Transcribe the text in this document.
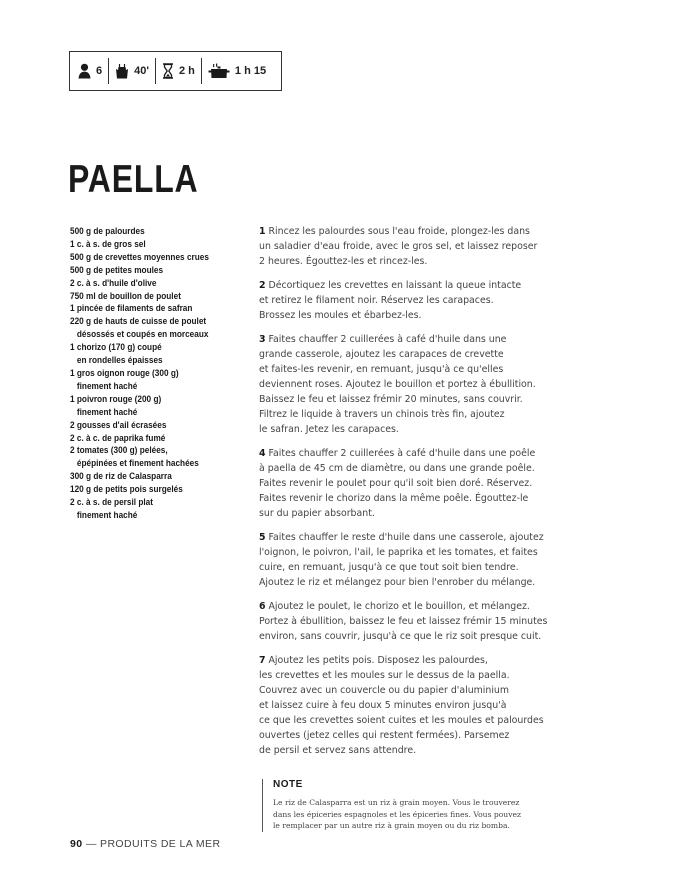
6	40'	2 h	1 h 15
PAELLA
500 g de palourdes
1 c. à s. de gros sel
500 g de crevettes moyennes crues
500 g de petites moules
2 c. à s. d'huile d'olive
750 ml de bouillon de poulet
1 pincée de filaments de safran
220 g de hauts de cuisse de poulet
désossés et coupés en morceaux
1 chorizo (170 g) coupé
en rondelles épaisses
1 gros oignon rouge (300 g)
finement haché
1 poivron rouge (200 g)
finement haché
2 gousses d'ail écrasées
2 c. à c. de paprika fumé
2 tomates (300 g) pelées,
épépinées et finement hachées
300 g de riz de Calasparra
120 g de petits pois surgelés
2 c. à s. de persil plat
finement haché

1 Rincez les palourdes sous l'eau froide, plongez-les dans
un saladier d'eau froide, avec le gros sel, et laissez reposer
2 heures. Égouttez-les et rincez-les.

2 Décortiquez les crevettes en laissant la queue intacte
et retirez le filament noir. Réservez les carapaces.
Brossez les moules et ébarbez-les.

3 Faites chauffer 2 cuillerées à café d'huile dans une
grande casserole, ajoutez les carapaces de crevette
et faites-les revenir, en remuant, jusqu'à ce qu'elles
deviennent roses. Ajoutez le bouillon et portez à ébullition.
Baissez le feu et laissez frémir 20 minutes, sans couvrir.
Filtrez le liquide à travers un chinois très fin, ajoutez
le safran. Jetez les carapaces.

4 Faites chauffer 2 cuillerées à café d'huile dans une poêle
à paella de 45 cm de diamètre, ou dans une grande poêle.
Faites revenir le poulet pour qu'il soit bien doré. Réservez.
Faites revenir le chorizo dans la même poêle. Égouttez-le
sur du papier absorbant.

5 Faites chauffer le reste d'huile dans une casserole, ajoutez
l'oignon, le poivron, l'ail, le paprika et les tomates, et faites
cuire, en remuant, jusqu'à ce que tout soit bien tendre.
Ajoutez le riz et mélangez pour bien l'enrober du mélange.

6 Ajoutez le poulet, le chorizo et le bouillon, et mélangez.
Portez à ébullition, baissez le feu et laissez frémir 15 minutes
environ, sans couvrir, jusqu'à ce que le riz soit presque cuit.

7 Ajoutez les petits pois. Disposez les palourdes,
les crevettes et les moules sur le dessus de la paella.
Couvrez avec un couvercle ou du papier d'aluminium
et laissez cuire à feu doux 5 minutes environ jusqu'à
ce que les crevettes soient cuites et les moules et palourdes
ouvertes (jetez celles qui restent fermées). Parsemez
de persil et servez sans attendre.

NOTE
Le riz de Calasparra est un riz à grain moyen. Vous le trouverez
dans les épiceries espagnoles et les épiceries fines. Vous pouvez
le remplacer par un autre riz à grain moyen ou du riz bomba.
90 — PRODUITS DE LA MER
